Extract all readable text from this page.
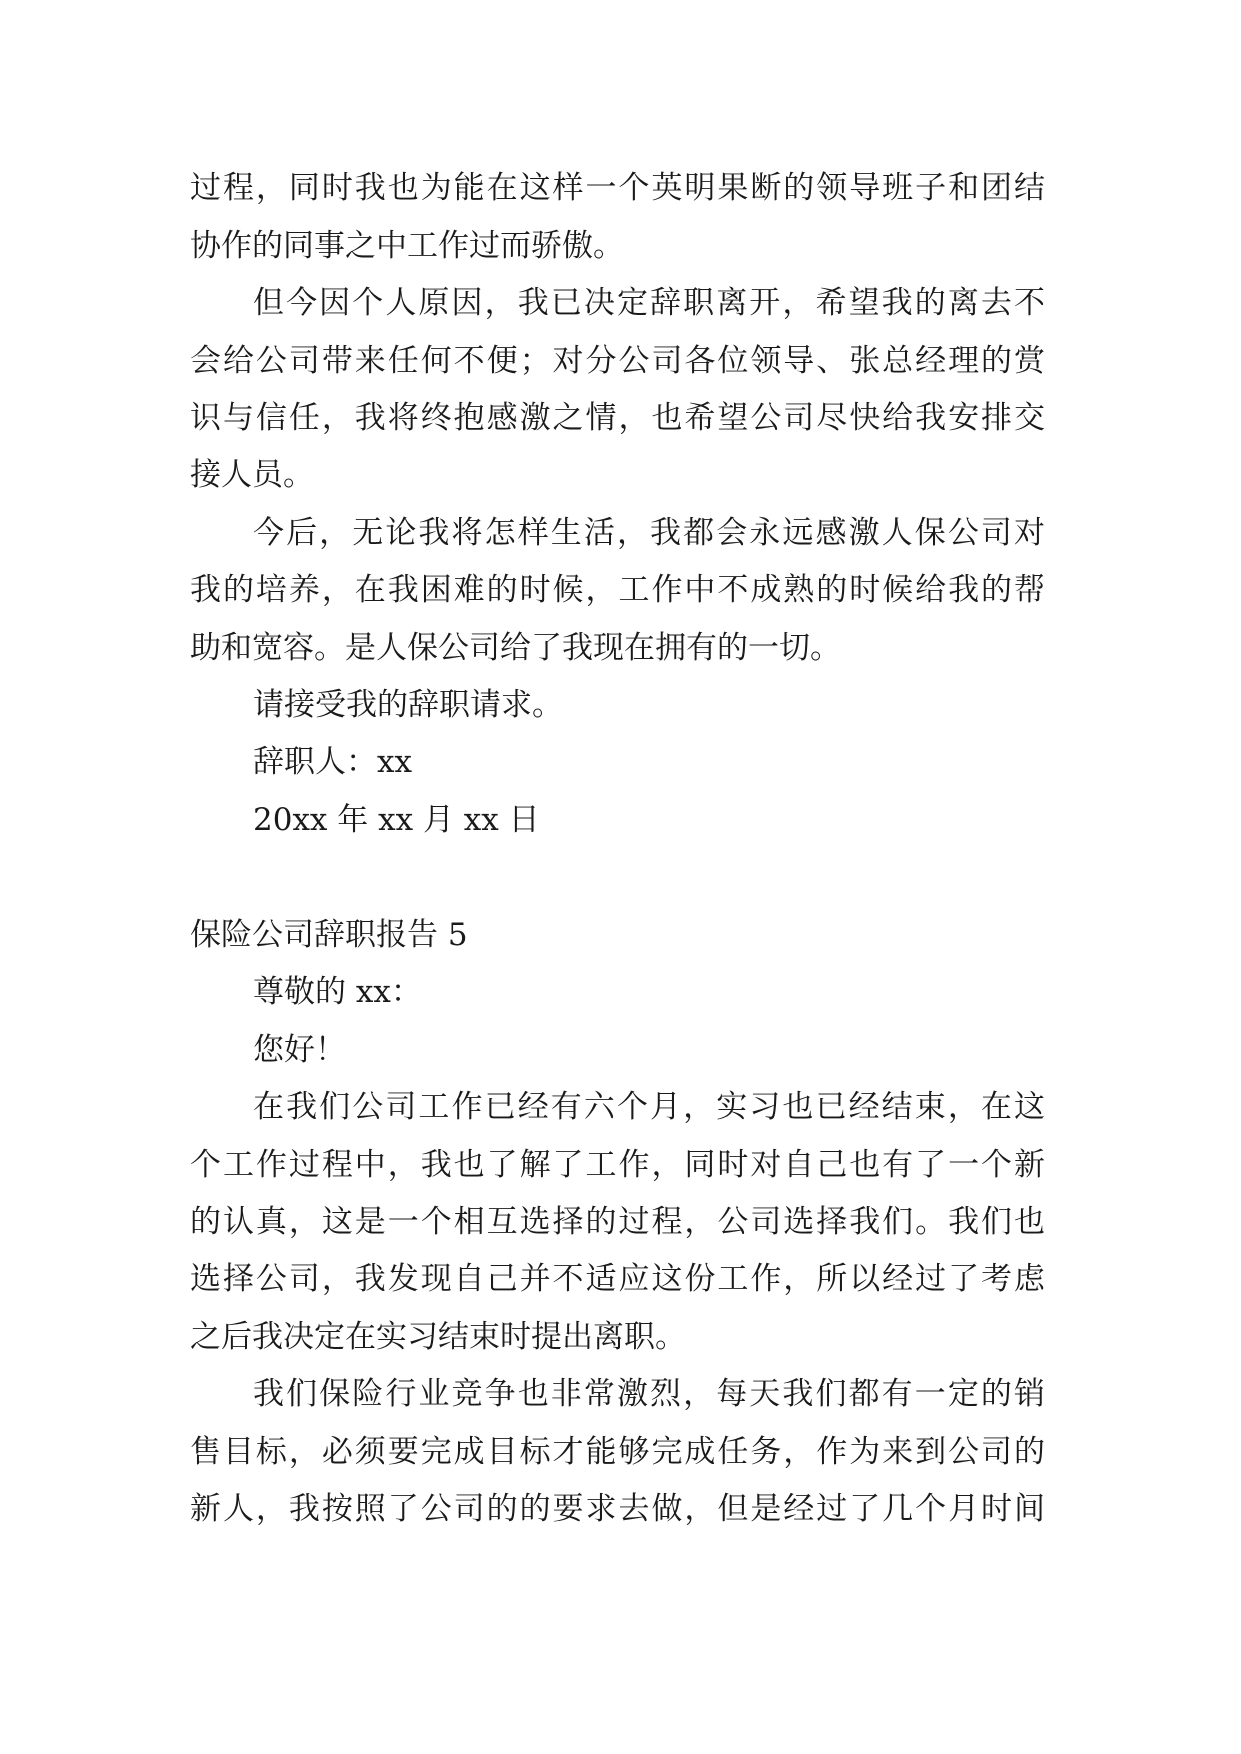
过程，同时我也为能在这样一个英明果断的领导班子和团结

协作的同事之中工作过而骄傲。

但今因个人原因，我已决定辞职离开，希望我的离去不

会给公司带来任何不便；对分公司各位领导、张总经理的赏

识与信任，我将终抱感激之情，也希望公司尽快给我安排交

接人员。

今后，无论我将怎样生活，我都会永远感激人保公司对

我的培养，在我困难的时候，工作中不成熟的时候给我的帮

助和宽容。是人保公司给了我现在拥有的一切。

请接受我的辞职请求。

辞职人：xx

20xx 年 xx 月 xx 日

保险公司辞职报告 5

尊敬的 xx：

您好！

在我们公司工作已经有六个月，实习也已经结束，在这

个工作过程中，我也了解了工作，同时对自己也有了一个新

的认真，这是一个相互选择的过程，公司选择我们。我们也

选择公司，我发现自己并不适应这份工作，所以经过了考虑

之后我决定在实习结束时提出离职。

我们保险行业竞争也非常激烈，每天我们都有一定的销

售目标，必须要完成目标才能够完成任务，作为来到公司的

新人，我按照了公司的的要求去做，但是经过了几个月时间
